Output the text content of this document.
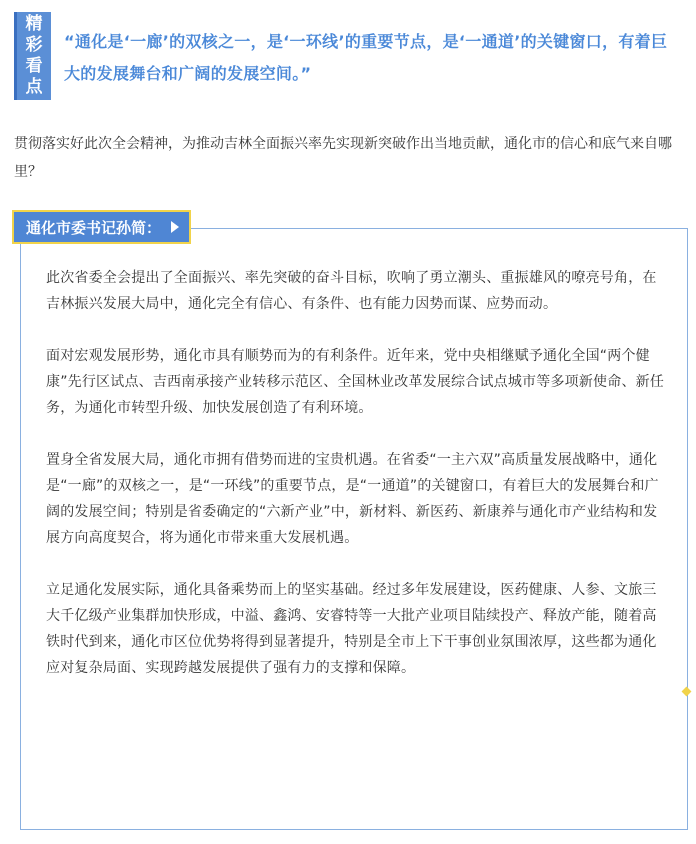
精
彩
看
点
“通化是‘一廊’的双核之一，是‘一环线’的重要节点，是‘一通道’的关键窗口，有着巨大的发展舞台和广阔的发展空间。”
贯彻落实好此次全会精神，为推动吉林全面振兴率先实现新突破作出当地贡献，通化市的信心和底气来自哪里？
通化市委书记孙简：

此次省委全会提出了全面振兴、率先突破的奋斗目标，吹响了勇立潮头、重振雄风的嘹亮号角，在吉林振兴发展大局中，通化完全有信心、有条件、也有能力因势而谋、应势而动。

面对宏观发展形势，通化市具有顺势而为的有利条件。近年来，党中央相继赋予通化全国“两个健康”先行区试点、吉西南承接产业转移示范区、全国林业改革发展综合试点城市等多项新使命、新任务，为通化市转型升级、加快发展创造了有利环境。

置身全省发展大局，通化市拥有借势而进的宝贵机遇。在省委“一主六双”高质量发展战略中，通化是“一廊”的双核之一，是“一环线”的重要节点，是“一通道”的关键窗口，有着巨大的发展舞台和广阔的发展空间；特别是省委确定的“六新产业”中，新材料、新医药、新康养与通化市产业结构和发展方向高度契合，将为通化市带来重大发展机遇。

立足通化发展实际，通化具备乘势而上的坚实基础。经过多年发展建设，医药健康、人参、文旅三大千亿级产业集群加快形成，中溢、鑫鸿、安睿特等一大批产业项目陆续投产、释放产能，随着高铁时代到来，通化市区位优势将得到显著提升，特别是全市上下干事创业氛围浓厚，这些都为通化应对复杂局面、实现跨越发展提供了强有力的支撑和保障。
